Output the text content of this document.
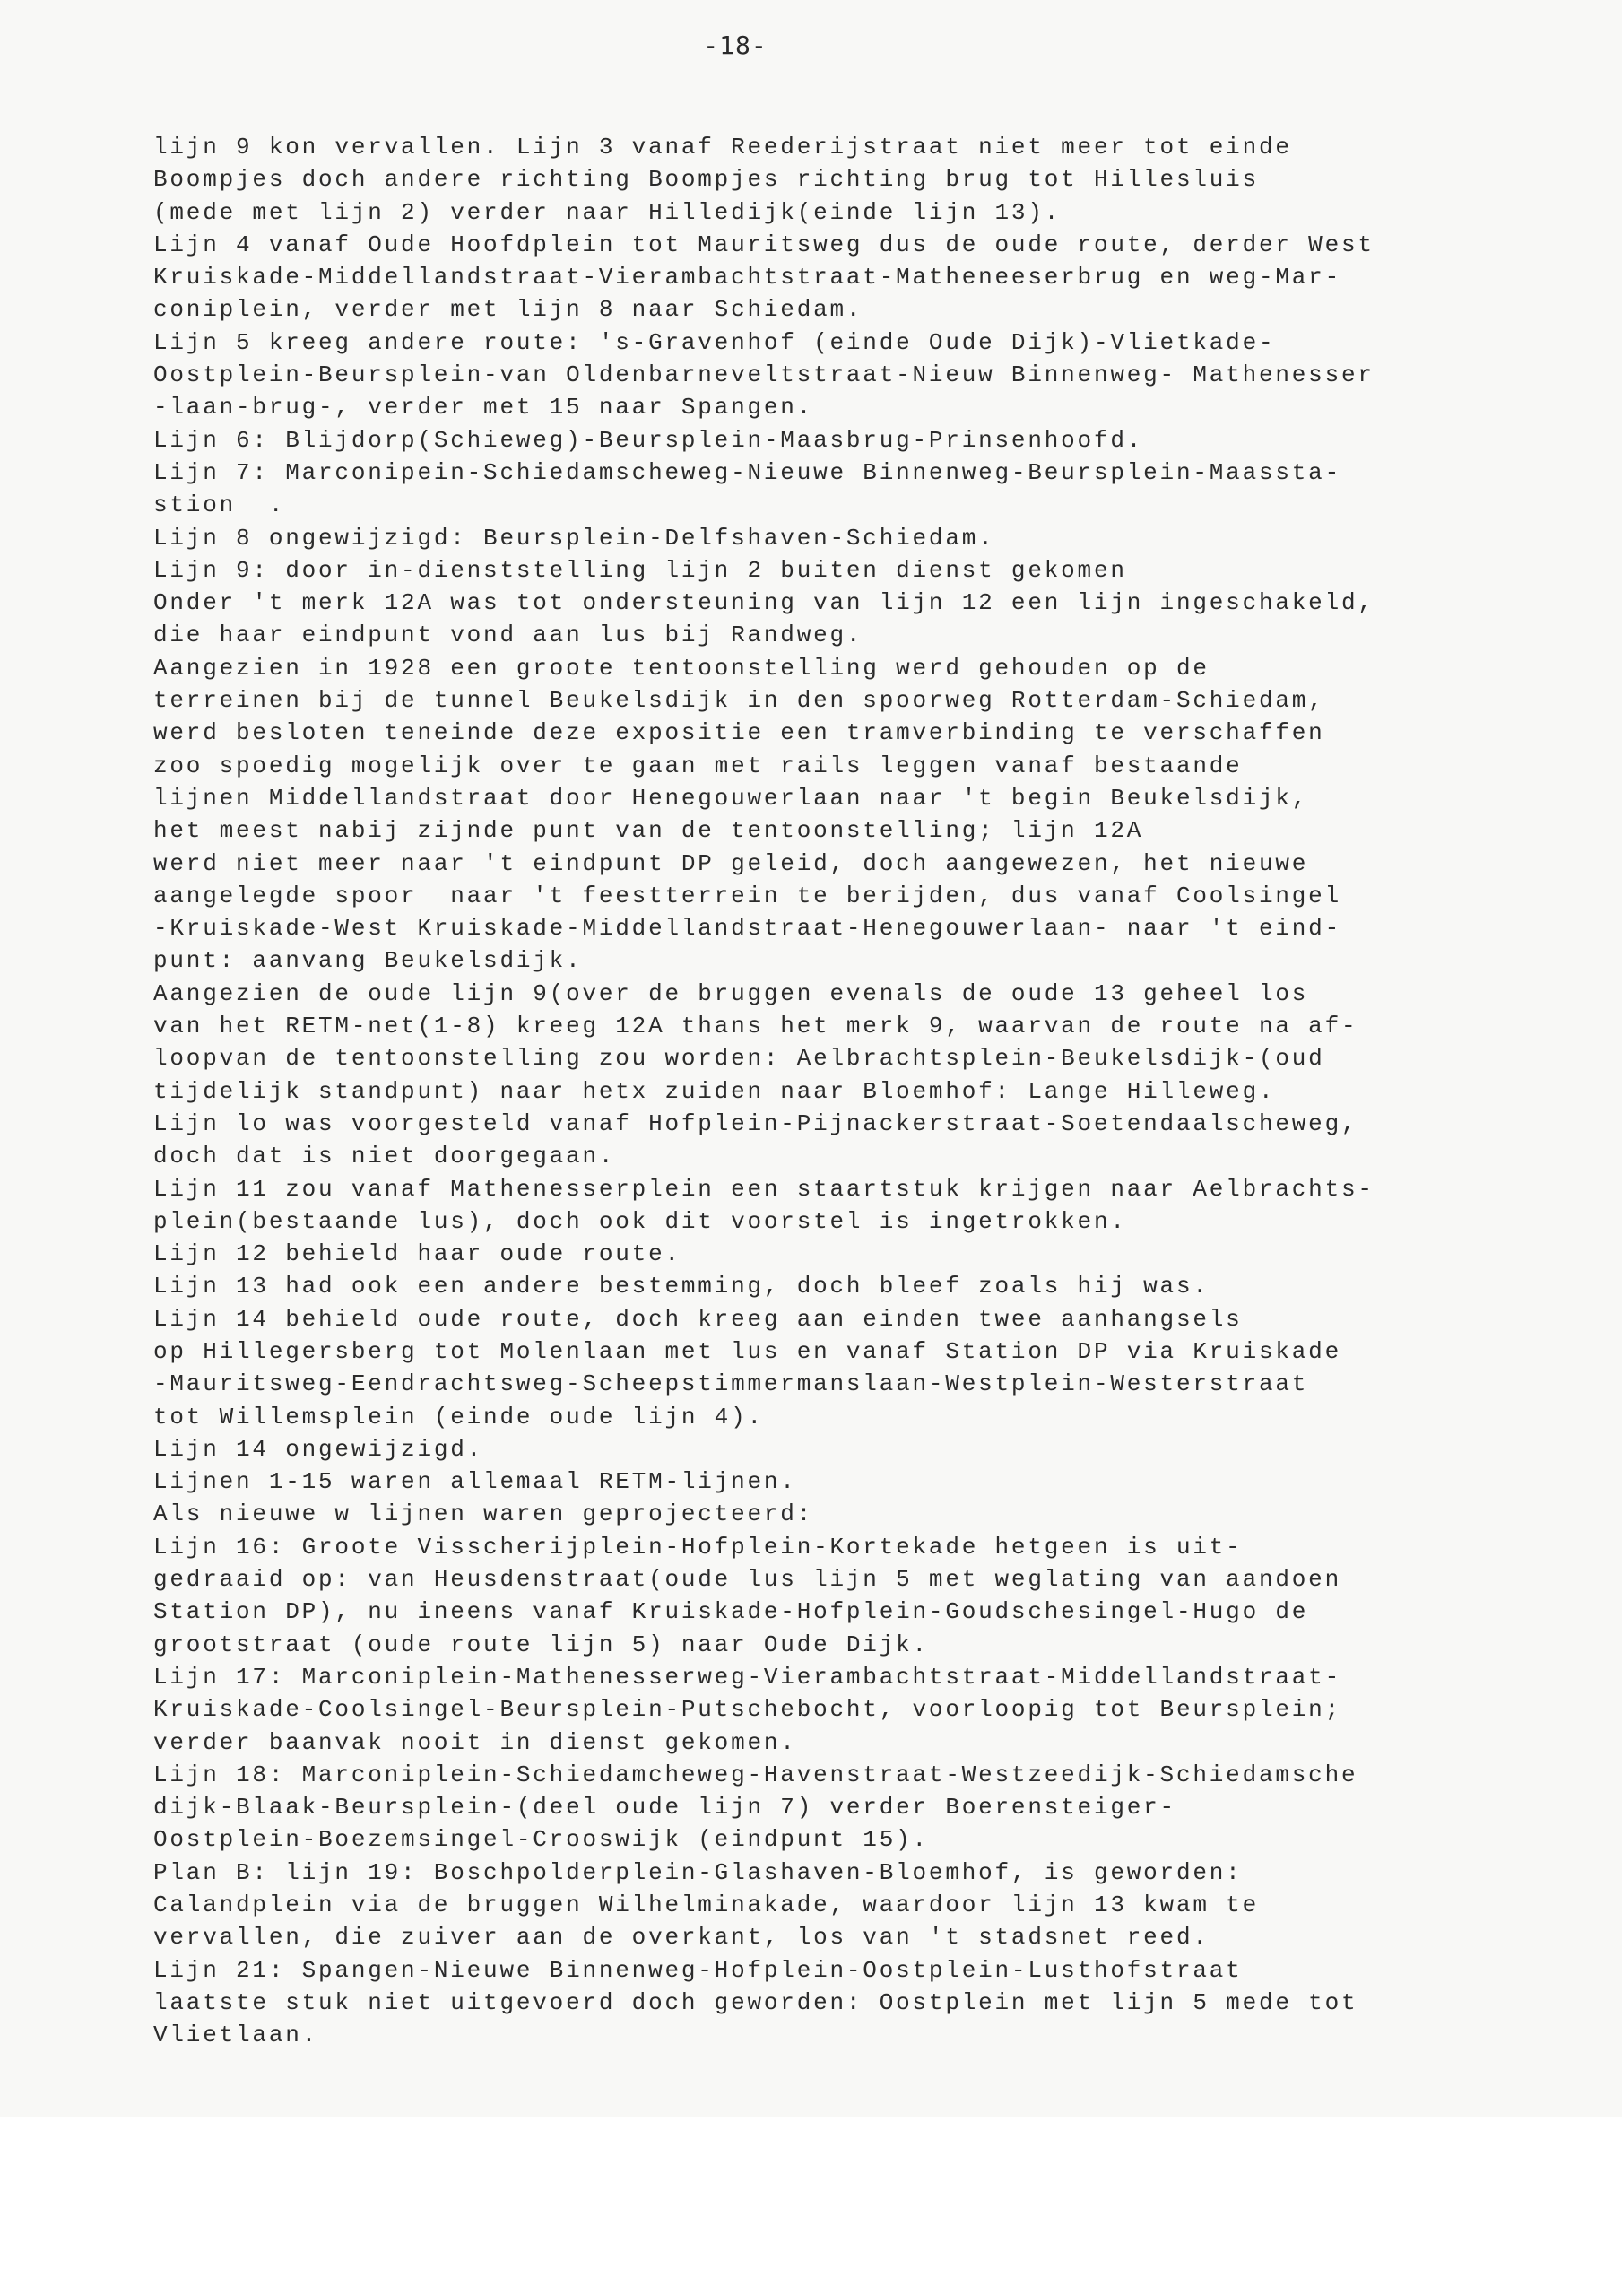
-18-
lijn 9 kon vervallen. Lijn 3 vanaf Reederijstraat niet meer tot einde
Boompjes doch andere richting Boompjes richting brug tot Hillesluis
(mede met lijn 2) verder naar Hilledijk(einde lijn 13).
Lijn 4 vanaf Oude Hoofdplein tot Mauritsweg dus de oude route, derder West
Kruiskade-Middellandstraat-Vierambachtstraat-Matheneeserbrug en weg-Mar-
coniplein, verder met lijn 8 naar Schiedam.
Lijn 5 kreeg andere route: 's-Gravenhof (einde Oude Dijk)-Vlietkade-
Oostplein-Beursplein-van Oldenbarneveltstraat-Nieuw Binnenweg- Mathenesser
-laan-brug-, verder met 15 naar Spangen.
Lijn 6: Blijdorp(Schieweg)-Beursplein-Maasbrug-Prinsenhoofd.
Lijn 7: Marconipein-Schiedamscheweg-Nieuwe Binnenweg-Beursplein-Maassta-
stion  .
Lijn 8 ongewijzigd: Beursplein-Delfshaven-Schiedam.
Lijn 9: door in-dienststelling lijn 2 buiten dienst gekomen
Onder 't merk 12A was tot ondersteuning van lijn 12 een lijn ingeschakeld,
die haar eindpunt vond aan lus bij Randweg.
Aangezien in 1928 een groote tentoonstelling werd gehouden op de
terreinen bij de tunnel Beukelsdijk in den spoorweg Rotterdam-Schiedam,
werd besloten teneinde deze expositie een tramverbinding te verschaffen
zoo spoedig mogelijk over te gaan met rails leggen vanaf bestaande
lijnen Middellandstraat door Henegouwerlaan naar 't begin Beukelsdijk,
het meest nabij zijnde punt van de tentoonstelling; lijn 12A
werd niet meer naar 't eindpunt DP geleid, doch aangewezen, het nieuwe
aangelegde spoor  naar 't feestterrein te berijden, dus vanaf Coolsingel
-Kruiskade-West Kruiskade-Middellandstraat-Henegouwerlaan- naar 't eind-
punt: aanvang Beukelsdijk.
Aangezien de oude lijn 9(over de bruggen evenals de oude 13 geheel los
van het RETM-net(1-8) kreeg 12A thans het merk 9, waarvan de route na af-
loopvan de tentoonstelling zou worden: Aelbrachtsplein-Beukelsdijk-(oud
tijdelijk standpunt) naar hetx zuiden naar Bloemhof: Lange Hilleweg.
Lijn lo was voorgesteld vanaf Hofplein-Pijnackerstraat-Soetendaalscheweg,
doch dat is niet doorgegaan.
Lijn 11 zou vanaf Mathenesserplein een staartstuk krijgen naar Aelbrachts-
plein(bestaande lus), doch ook dit voorstel is ingetrokken.
Lijn 12 behield haar oude route.
Lijn 13 had ook een andere bestemming, doch bleef zoals hij was.
Lijn 14 behield oude route, doch kreeg aan einden twee aanhangsels
op Hillegersberg tot Molenlaan met lus en vanaf Station DP via Kruiskade
-Mauritsweg-Eendrachtsweg-Scheepstimmermanslaan-Westplein-Westerstraat
tot Willemsplein (einde oude lijn 4).
Lijn 14 ongewijzigd.
Lijnen 1-15 waren allemaal RETM-lijnen.
Als nieuwe w lijnen waren geprojecteerd:
Lijn 16: Groote Visscherijplein-Hofplein-Kortekade hetgeen is uit-
gedraaid op: van Heusdenstraat(oude lus lijn 5 met weglating van aandoen
Station DP), nu ineens vanaf Kruiskade-Hofplein-Goudschesingel-Hugo de
grootstraat (oude route lijn 5) naar Oude Dijk.
Lijn 17: Marconiplein-Mathenesserweg-Vierambachtstraat-Middellandstraat-
Kruiskade-Coolsingel-Beursplein-Putschebocht, voorloopig tot Beursplein;
verder baanvak nooit in dienst gekomen.
Lijn 18: Marconiplein-Schiedamcheweg-Havenstraat-Westzeedijk-Schiedamsche
dijk-Blaak-Beursplein-(deel oude lijn 7) verder Boerensteiger-
Oostplein-Boezemsingel-Crooswijk (eindpunt 15).
Plan B: lijn 19: Boschpolderplein-Glashaven-Bloemhof, is geworden:
Calandplein via de bruggen Wilhelminakade, waardoor lijn 13 kwam te
vervallen, die zuiver aan de overkant, los van 't stadsnet reed.
Lijn 21: Spangen-Nieuwe Binnenweg-Hofplein-Oostplein-Lusthofstraat
laatste stuk niet uitgevoerd doch geworden: Oostplein met lijn 5 mede tot
Vlietlaan.
